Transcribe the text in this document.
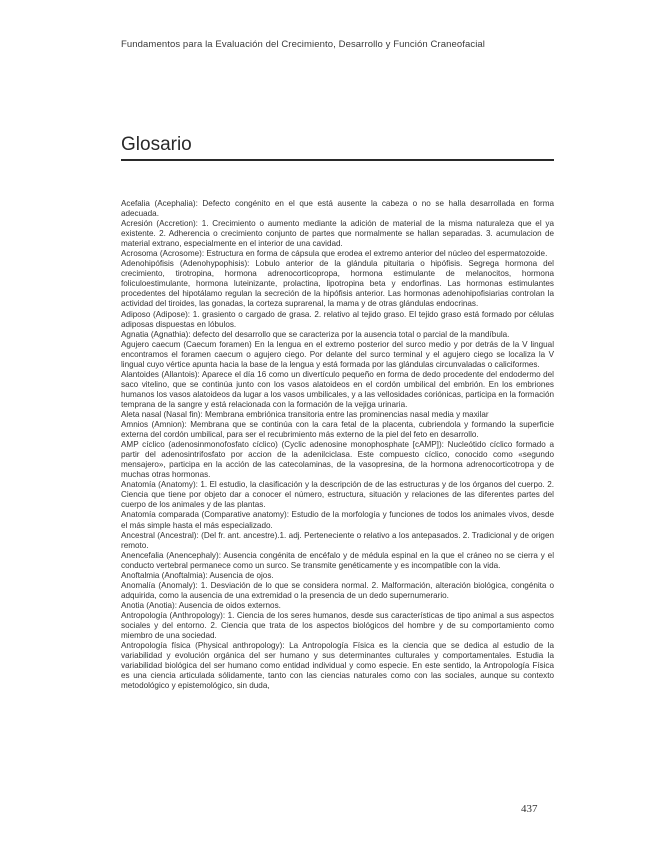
Fundamentos para la Evaluación del Crecimiento, Desarrollo y Función Craneofacial
Glosario

Acefalia (Acephalia): Defecto congénito en el que está ausente la cabeza o no se halla desarrollada en forma adecuada.

Acresión (Accretion): 1. Crecimiento o aumento mediante la adición de material de la misma naturaleza que el ya existente. 2. Adherencia o crecimiento conjunto de partes que normalmente se hallan separadas. 3. acumulacion de material extrano, especialmente en el interior de una cavidad.

Acrosoma (Acrosome): Estructura en forma de cápsula que erodea el extremo anterior del núcleo del espermatozoide.

Adenohipófisis (Adenohypophisis): Lobulo anterior de la glándula pituitaria o hipófisis. Segrega hormona del crecimiento, tirotropina, hormona adrenocorticopropa, hormona estimulante de melanocitos, hormona foliculoestimulante, hormona luteinizante, prolactina, lipotropina beta y endorfinas. Las hormonas estimulantes procedentes del hipotálamo regulan la secreción de la hipófisis anterior. Las hormonas adenohipofisiarias controlan la actividad del tiroides, las gonadas, la corteza suprarenal, la mama y de otras glándulas endocrinas.

Adiposo (Adipose): 1. grasiento o cargado de grasa. 2. relativo al tejido graso. El tejido graso está formado por células adiposas dispuestas en lóbulos.

Agnatia (Agnathia): defecto del desarrollo que se caracteriza por la ausencia total o parcial de la mandíbula.

Agujero caecum (Caecum foramen) En la lengua en el extremo posterior del surco medio y por detrás de la V lingual encontramos el foramen caecum o agujero ciego. Por delante del surco terminal y el agujero ciego se localiza la V lingual cuyo vértice apunta hacia la base de la lengua y está formada por las glándulas circunvaladas o caliciformes.

Alantoides (Allantois): Aparece el día 16 como un divertículo pequeño en forma de dedo procedente del endodermo del saco vitelino, que se continúa junto con los vasos alatoideos en el cordón umbilical del embrión. En los embriones humanos los vasos alatoideos da lugar a los vasos umbilicales, y a las vellosidades coriónicas, participa en la formación temprana de la sangre y está relacionada con la formación de la vejiga urinaria.

Aleta nasal (Nasal fin): Membrana embriónica transitoria entre las prominencias nasal media y maxilar

Amnios (Amnion): Membrana que se continúa con la cara fetal de la placenta, cubriendola y formando la superficie externa del cordón umbilical, para ser el recubrimiento más externo de la piel del feto en desarrollo.

AMP cíclico (adenosinmonofosfato cíclico) (Cyclic adenosine monophosphate [cAMP]): Nucleótido cíclico formado a partir del adenosintrifosfato por accion de la adenilciclasa. Este compuesto cíclico, conocido como «segundo mensajero», participa en la acción de las catecolaminas, de la vasopresina, de la hormona adrenocorticotropa y de muchas otras hormonas.

Anatomía (Anatomy): 1. El estudio, la clasificación y la descripción de de las estructuras y de los órganos del cuerpo. 2. Ciencia que tiene por objeto dar a conocer el número, estructura, situación y relaciones de las diferentes partes del cuerpo de los animales y de las plantas.

Anatomía comparada (Comparative anatomy): Estudio de la morfología y funciones de todos los animales vivos, desde el más simple hasta el más especializado.

Ancestral (Ancestral): (Del fr. ant. ancestre).1. adj. Perteneciente o relativo a los antepasados. 2. Tradicional y de origen remoto.

Anencefalia (Anencephaly): Ausencia congénita de encéfalo y de médula espinal en la que el cráneo no se cierra y el conducto vertebral permanece como un surco. Se transmite genéticamente y es incompatible con la vida.

Anoftalmia (Anoftalmia): Ausencia de ojos.

Anomalía (Anomaly): 1. Desviación de lo que se considera normal. 2. Malformación, alteración biológica, congénita o adquirida, como la ausencia de una extremidad o la presencia de un dedo supernumerario.

Anotia (Anotia): Ausencia de oidos externos.

Antropología (Anthropology): 1. Ciencia de los seres humanos, desde sus características de tipo animal a sus aspectos sociales y del entorno. 2. Ciencia que trata de los aspectos biológicos del hombre y de su comportamiento como miembro de una sociedad.

Antropología física (Physical anthropology): La Antropología Física es la ciencia que se dedica al estudio de la variabilidad y evolución orgánica del ser humano y sus determinantes culturales y comportamentales. Estudia la variabilidad biológica del ser humano como entidad individual y como especie. En este sentido, la Antropología Física es una ciencia articulada sólidamente, tanto con las ciencias naturales como con las sociales, aunque su contexto metodológico y epistemológico, sin duda,

437
